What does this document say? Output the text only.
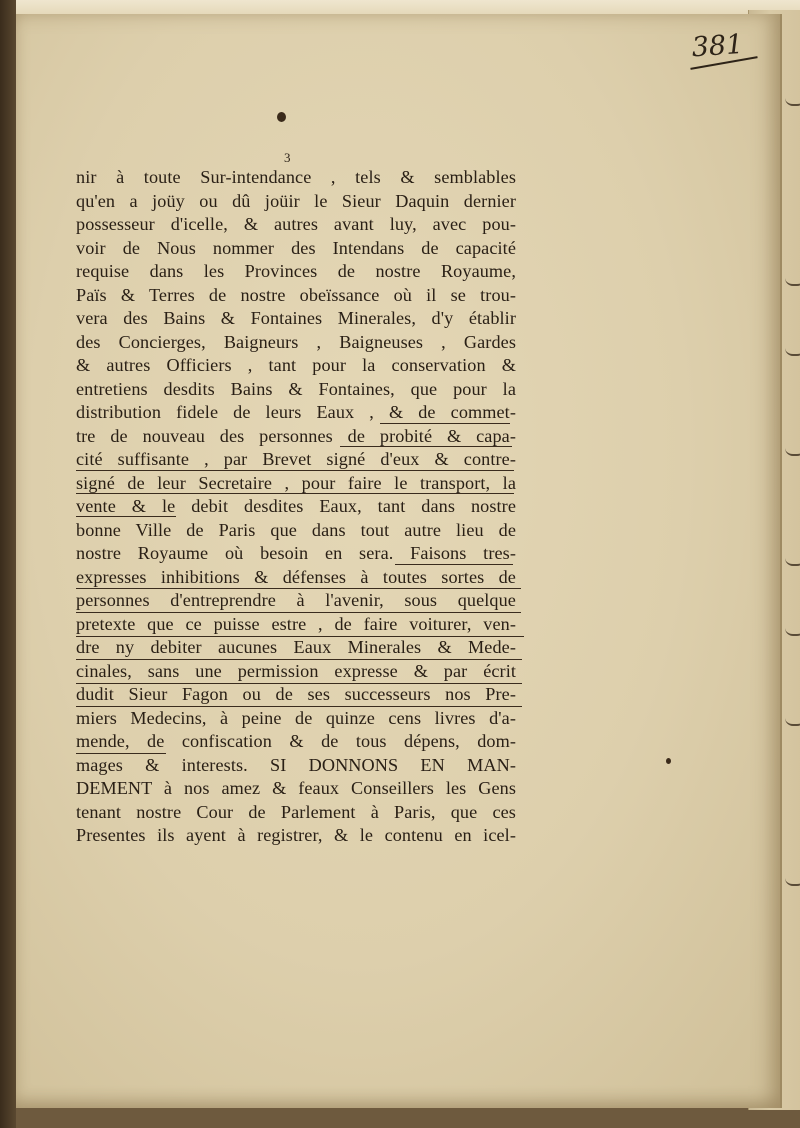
381
3
nir à toute Sur-intendance , tels & semblables
qu'en a joüy ou dû joüir le Sieur Daquin dernier
possesseur d'icelle, & autres avant luy, avec pou-
voir de Nous nommer des Intendans de capacité
requise dans les Provinces de nostre Royaume,
Païs & Terres de nostre obeïssance où il se trou-
vera des Bains & Fontaines Minerales, d'y établir
des Concierges, Baigneurs , Baigneuses , Gardes
& autres Officiers , tant pour la conservation &
entretiens desdits Bains & Fontaines, que pour la
distribution fidele de leurs Eaux , & de commet-
tre de nouveau des personnes de probité & capa-
cité suffisante , par Brevet signé d'eux & contre-
signé de leur Secretaire , pour faire le transport, la
vente & le debit desdites Eaux, tant dans nostre
bonne Ville de Paris que dans tout autre lieu de
nostre Royaume où besoin en sera. Faisons tres-
expresses inhibitions & défenses à toutes sortes de
personnes d'entreprendre à l'avenir, sous quelque
pretexte que ce puisse estre , de faire voiturer, ven-
dre ny debiter aucunes Eaux Minerales & Mede-
cinales, sans une permission expresse & par écrit
dudit Sieur Fagon ou de ses successeurs nos Pre-
miers Medecins, à peine de quinze cens livres d'a-
mende, de confiscation & de tous dépens, dom-
mages & interests. SI DONNONS EN MAN-
DEMENT à nos amez & feaux Conseillers les Gens
tenant nostre Cour de Parlement à Paris, que ces
Presentes ils ayent à registrer, & le contenu en icel-
